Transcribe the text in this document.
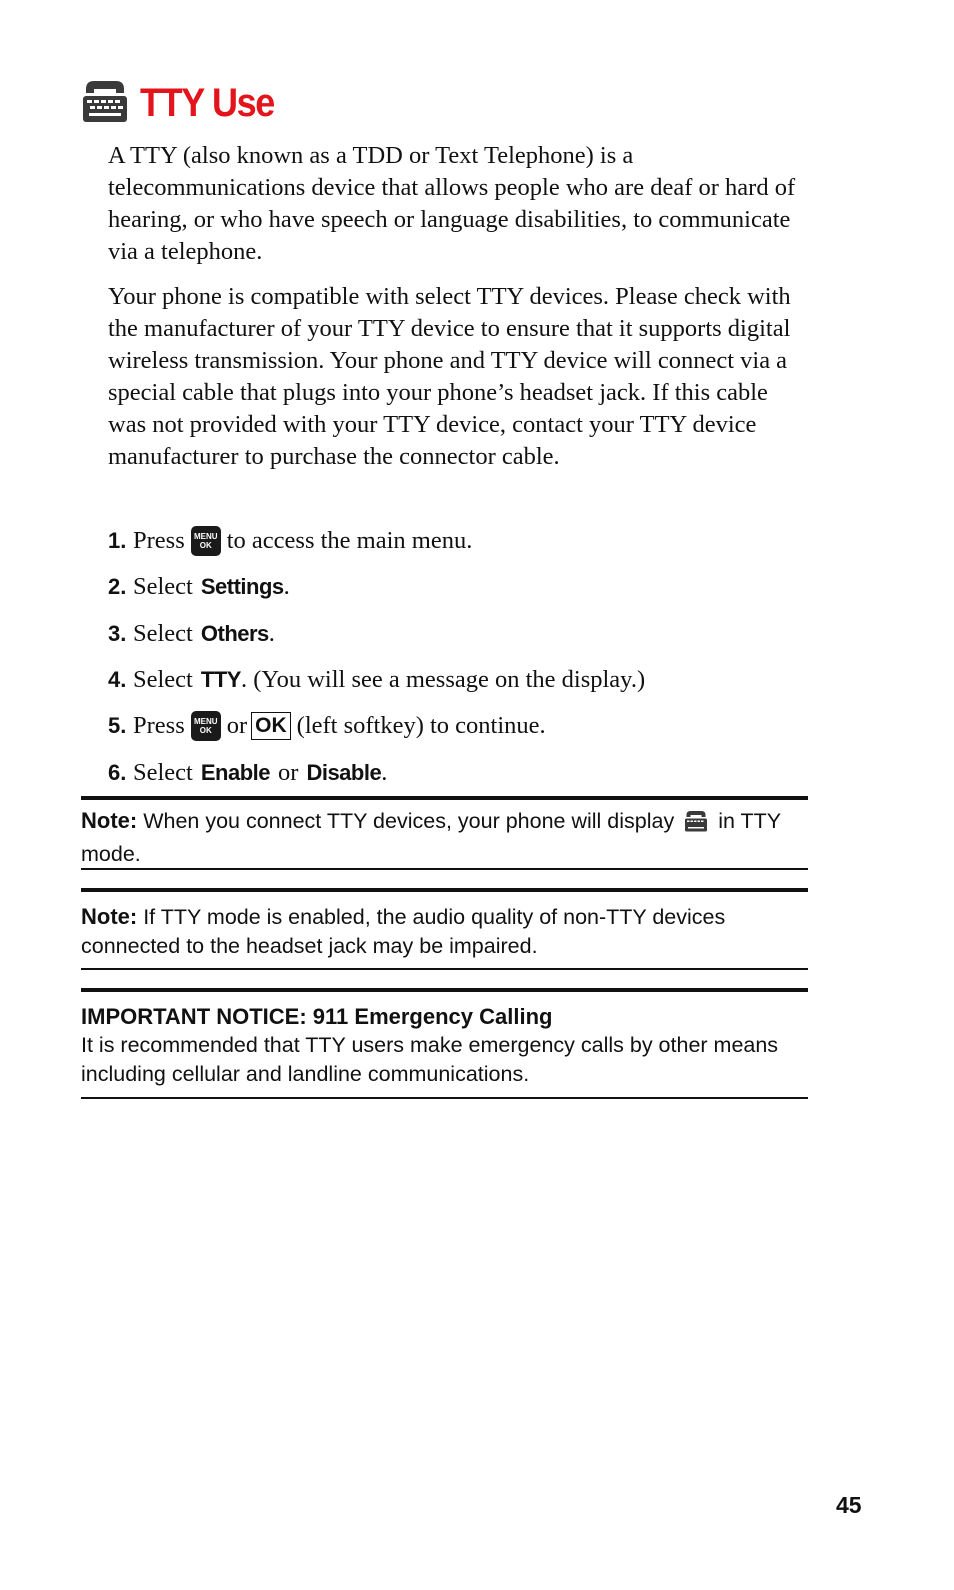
TTY Use
A TTY (also known as a TDD or Text Telephone) is a telecommunications device that allows people who are deaf or hard of hearing, or who have speech or language disabilities, to communicate via a telephone.
Your phone is compatible with select TTY devices. Please check with the manufacturer of your TTY device to ensure that it supports digital wireless transmission. Your phone and TTY device will connect via a special cable that plugs into your phone’s headset jack. If this cable was not provided with your TTY device, contact your TTY device manufacturer to purchase the connector cable.
1. Press MENU
OK to access the main menu.
2. Select Settings .
3. Select Others .
4. Select TTY . (You will see a message on the display.)
5. Press MENU
OK or OK (left softkey) to continue.
6. Select Enable or Disable .
Note: When you connect TTY devices, your phone will display in TTY mode.
Note: If TTY mode is enabled, the audio quality of non-TTY devices connected to the headset jack may be impaired.
IMPORTANT NOTICE: 911 Emergency Calling
It is recommended that TTY users make emergency calls by other means including cellular and landline communications.
45
